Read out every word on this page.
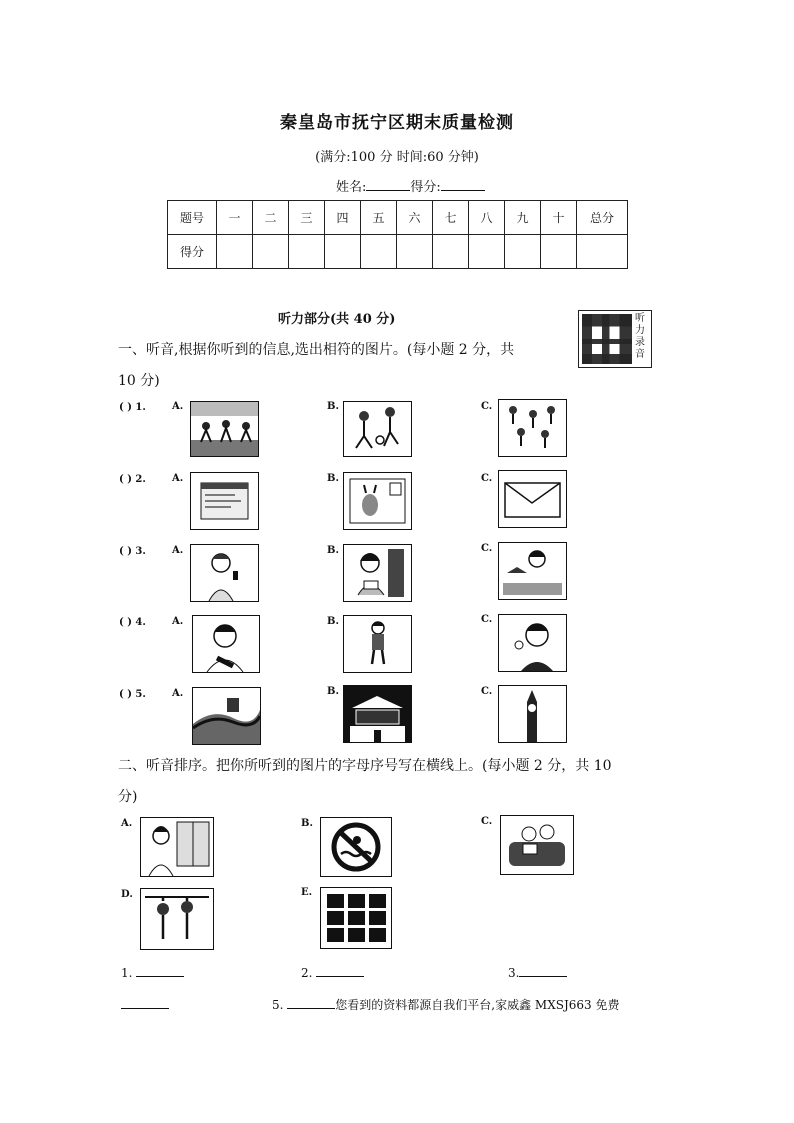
秦皇岛市抚宁区期末质量检测
(满分:100 分 时间:60 分钟)
姓名:	得分:
题号	一	二	三	四	五	六	七	八	九	十	总分
得分											
听力部分(共 40 分)	听力录音
一、听音,根据你听到的信息,选出相符的图片。(每小题 2 分，共
10 分)
( ) 1.	A.	B.	C.
( ) 2.	A.	B.	C.
( ) 3.	A.	B.	C.
( ) 4.	A.	B.	C.
( ) 5.	A.	B.	C.
二、听音排序。把你所听到的图片的字母序号写在横线上。(每小题 2 分，共 10
分)
A.	B.	C.
D.	E.
1.	2.	3.
5.	您看到的资料都源自我们平台,家威鑫 MXSJ663 免费
